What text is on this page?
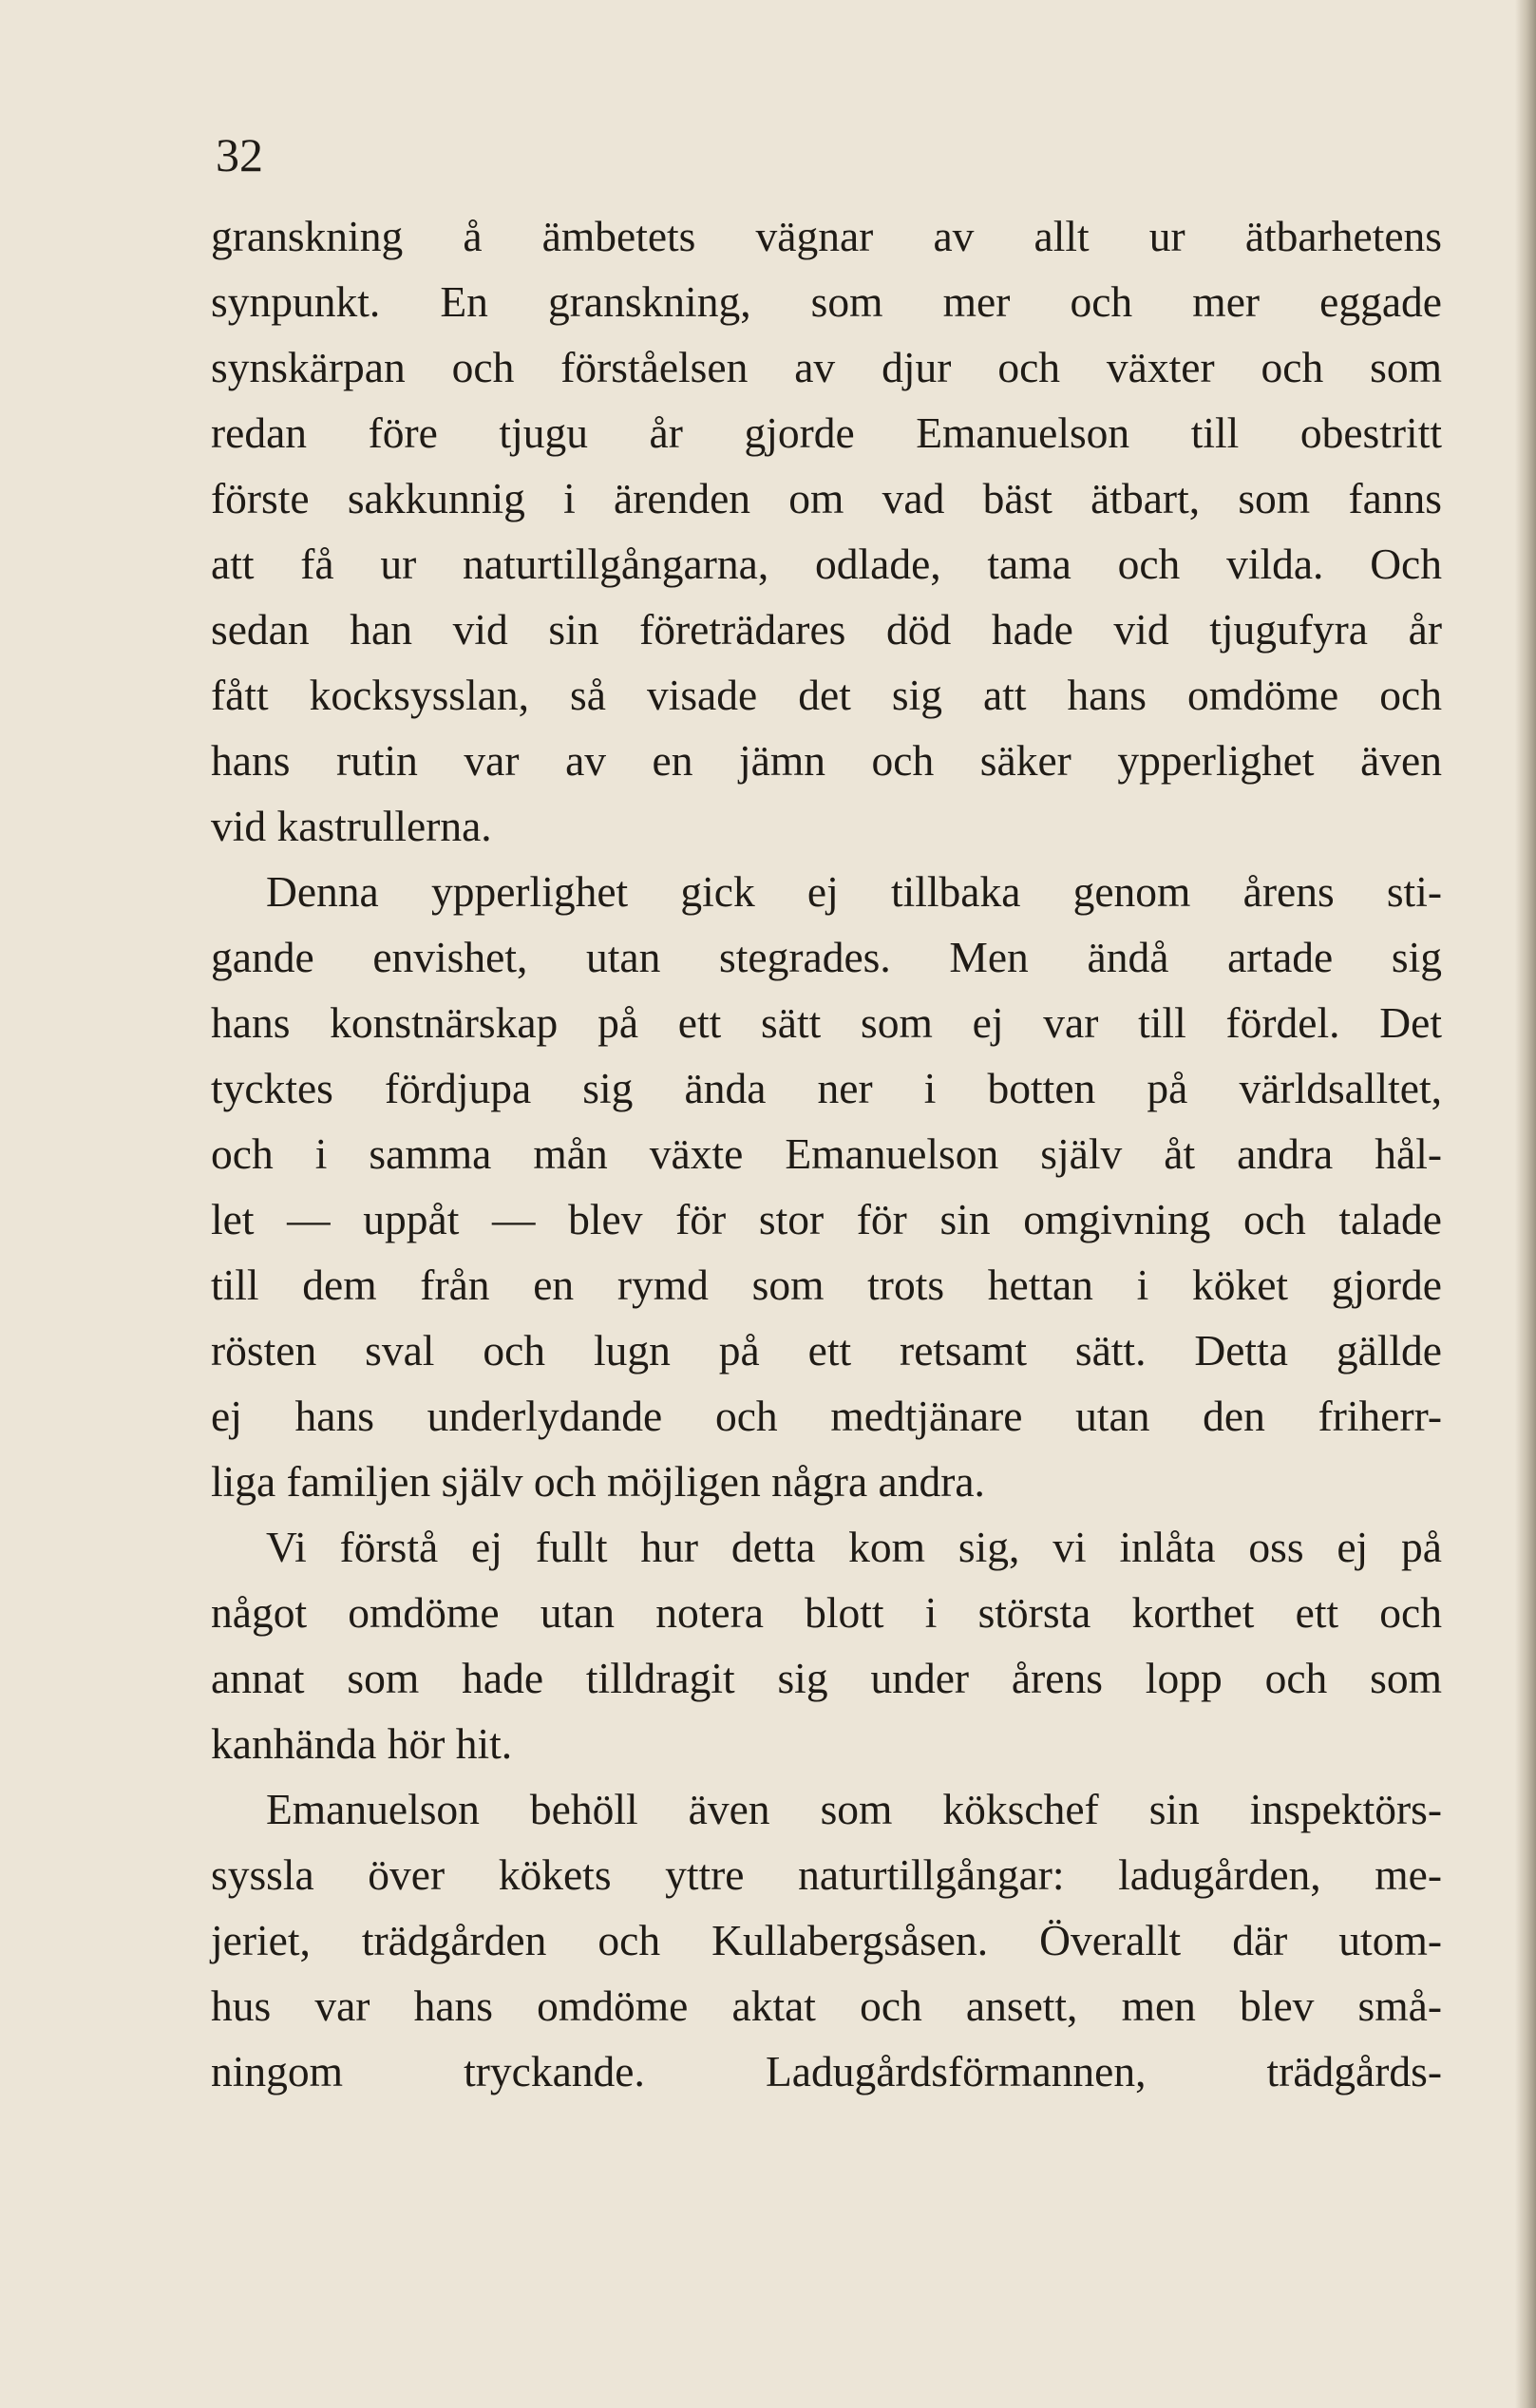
32
granskning å ämbetets vägnar av allt ur ätbarhetens
synpunkt. En granskning, som mer och mer eggade
synskärpan och förståelsen av djur och växter och som
redan före tjugu år gjorde Emanuelson till obestritt
förste sakkunnig i ärenden om vad bäst ätbart, som fanns
att få ur naturtillgångarna, odlade, tama och vilda. Och
sedan han vid sin företrädares död hade vid tjugufyra år
fått kocksysslan, så visade det sig att hans omdöme och
hans rutin var av en jämn och säker ypperlighet även
vid kastrullerna.
Denna ypperlighet gick ej tillbaka genom årens sti-
gande envishet, utan stegrades. Men ändå artade sig
hans konstnärskap på ett sätt som ej var till fördel. Det
tycktes fördjupa sig ända ner i botten på världsalltet,
och i samma mån växte Emanuelson själv åt andra hål-
let — uppåt — blev för stor för sin omgivning och talade
till dem från en rymd som trots hettan i köket gjorde
rösten sval och lugn på ett retsamt sätt. Detta gällde
ej hans underlydande och medtjänare utan den friherr-
liga familjen själv och möjligen några andra.
Vi förstå ej fullt hur detta kom sig, vi inlåta oss ej på
något omdöme utan notera blott i största korthet ett och
annat som hade tilldragit sig under årens lopp och som
kanhända hör hit.
Emanuelson behöll även som kökschef sin inspektörs-
syssla över kökets yttre naturtillgångar: ladugården, me-
jeriet, trädgården och Kullabergsåsen. Överallt där utom-
hus var hans omdöme aktat och ansett, men blev små-
ningom tryckande. Ladugårdsförmannen, trädgårds-
